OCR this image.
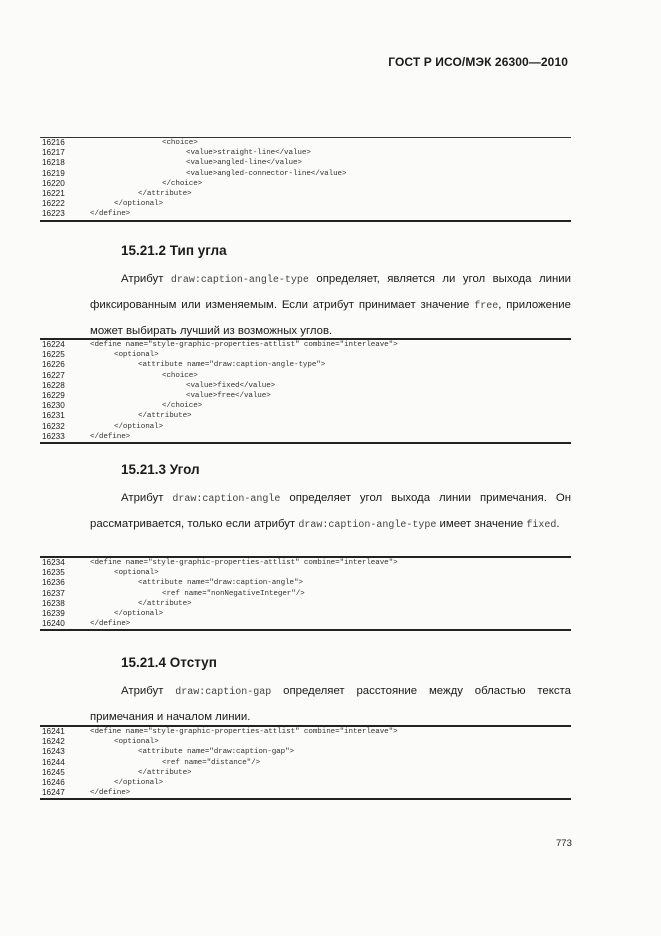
ГОСТ Р ИСО/МЭК 26300—2010
16216	<choice>
16217	<value>straight-line</value>
16218	<value>angled-line</value>
16219	<value>angled-connector-line</value>
16220	</choice>
16221	</attribute>
16222	</optional>
16223	</define>
15.21.2 Тип угла

Атрибут draw:caption-angle-type определяет, является ли угол выхода линии фиксированным или изменяемым. Если атрибут принимает значение free, приложение может выбирать лучший из возможных углов.

16224	<define name="style-graphic-properties-attlist" combine="interleave">
16225	<optional>
16226	<attribute name="draw:caption-angle-type">
16227	<choice>
16228	<value>fixed</value>
16229	<value>free</value>
16230	</choice>
16231	</attribute>
16232	</optional>
16233	</define>
15.21.3 Угол

Атрибут draw:caption-angle определяет угол выхода линии примечания. Он рассматривается, только если атрибут draw:caption-angle-type имеет значение fixed.

16234	<define name="style-graphic-properties-attlist" combine="interleave">
16235	<optional>
16236	<attribute name="draw:caption-angle">
16237	<ref name="nonNegativeInteger"/>
16238	</attribute>
16239	</optional>
16240	</define>
15.21.4 Отступ

Атрибут draw:caption-gap определяет расстояние между областью текста примечания и началом линии.

16241	<define name="style-graphic-properties-attlist" combine="interleave">
16242	<optional>
16243	<attribute name="draw:caption-gap">
16244	<ref name="distance"/>
16245	</attribute>
16246	</optional>
16247	</define>
773
